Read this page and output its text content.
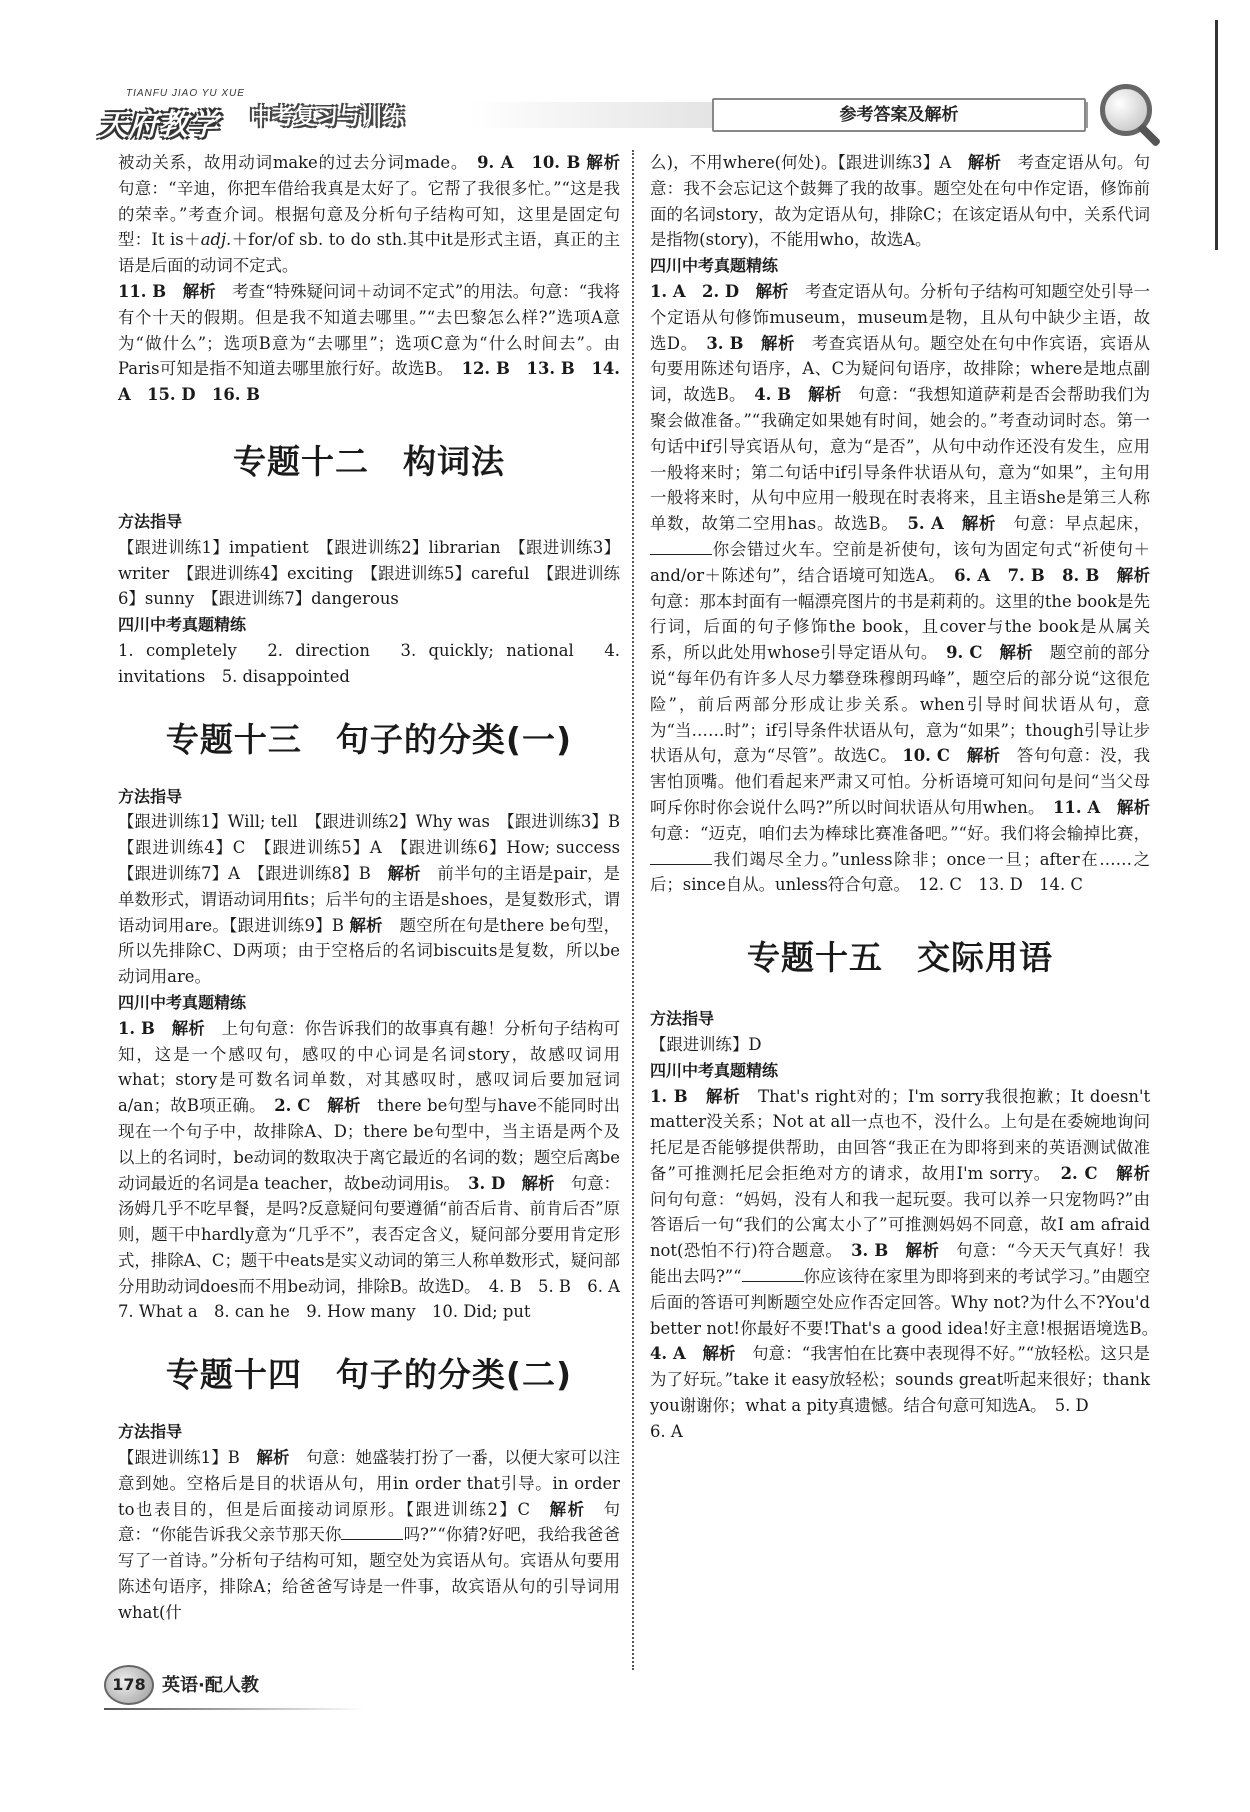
TIANFU JIAO YU XUE
天府教学 中考复习与训练	参考答案及解析

被动关系，故用动词make的过去分词made。　 9. A　 10. B 解析　句意：“辛迪，你把车借给我真是太好了。它帮了我很多忙。”“这是我的荣幸。”考查介词。根据句意及分析句子结构可知，这里是固定句型：It is＋adj.＋for/of sb. to do sth.其中it是形式主语，真正的主语是后面的动词不定式。

11. B　 解析　 考查“特殊疑问词＋动词不定式”的用法。句意：“我将有个十天的假期。但是我不知道去哪里。”“去巴黎怎么样?”选项A意为“做什么”；选项B意为“去哪里”；选项C意为“什么时间去”。由Paris可知是指不知道去哪里旅行好。故选B。　 12. B　13. B　14. A　15. D　16. B

专题十二　构词法
方法指导

【跟进训练1】impatient　【跟进训练2】librarian　【跟进训练3】writer　【跟进训练4】exciting　【跟进训练5】careful　【跟进训练6】sunny　【跟进训练7】dangerous

四川中考真题精练

1. completely　2. direction　3. quickly; national　4. invitations　5. disappointed

专题十三　句子的分类(一)
方法指导

【跟进训练1】Will; tell　【跟进训练2】Why was　【跟进训练3】B　【跟进训练4】C　【跟进训练5】A　【跟进训练6】How; success　【跟进训练7】A　【跟进训练8】B　 解析　 前半句的主语是pair，是单数形式，谓语动词用fits；后半句的主语是shoes，是复数形式，谓语动词用are。【跟进训练9】B 解析　 题空所在句是there be句型，所以先排除C、D两项；由于空格后的名词biscuits是复数，所以be动词用are。

四川中考真题精练

1. B　 解析　 上句句意：你告诉我们的故事真有趣！分析句子结构可知，这是一个感叹句，感叹的中心词是名词story，故感叹词用what；story是可数名词单数，对其感叹时，感叹词后要加冠词a/an；故B项正确。　 2. C　 解析　 there be句型与have不能同时出现在一个句子中，故排除A、D；there be句型中，当主语是两个及以上的名词时，be动词的数取决于离它最近的名词的数；题空后离be动词最近的名词是a teacher，故be动词用is。　 3. D　 解析　 句意：汤姆几乎不吃早餐，是吗?反意疑问句要遵循“前否后肯、前肯后否”原则，题干中hardly意为“几乎不”，表否定含义，疑问部分要用肯定形式，排除A、C；题干中eats是实义动词的第三人称单数形式，疑问部分用助动词does而不用be动词，排除B。故选D。　 4. B　5. B　6. A　7. What a　8. can he　9. How many　10. Did; put

专题十四　句子的分类(二)
方法指导

【跟进训练1】B　 解析　 句意：她盛装打扮了一番，以便大家可以注意到她。空格后是目的状语从句，用in order that引导。in order to也表目的，但是后面接动词原形。【跟进训练2】C　 解析　 句意：“你能告诉我父亲节那天你	吗?”“你猜?好吧，我给我爸爸写了一首诗。”分析句子结构可知，题空处为宾语从句。宾语从句要用陈述句语序，排除A；给爸爸写诗是一件事，故宾语从句的引导词用what(什

么)，不用where(何处)。【跟进训练3】A　 解析　 考查定语从句。句意：我不会忘记这个鼓舞了我的故事。题空处在句中作定语，修饰前面的名词story，故为定语从句，排除C；在该定语从句中，关系代词是指物(story)，不能用who，故选A。

四川中考真题精练

1. A　2. D　 解析　 考查定语从句。分析句子结构可知题空处引导一个定语从句修饰museum，museum是物，且从句中缺少主语，故选D。　 3. B　 解析　 考查宾语从句。题空处在句中作宾语，宾语从句要用陈述句语序，A、C为疑问句语序，故排除；where是地点副词，故选B。　 4. B　 解析　 句意：“我想知道萨莉是否会帮助我们为聚会做准备。”“我确定如果她有时间，她会的。”考查动词时态。第一句话中if引导宾语从句，意为“是否”，从句中动作还没有发生，应用一般将来时；第二句话中if引导条件状语从句，意为“如果”，主句用一般将来时，从句中应用一般现在时表将来，且主语she是第三人称单数，故第二空用has。故选B。　 5. A　 解析　 句意：早点起床，你会错过火车。空前是祈使句，该句为固定句式“祈使句＋and/or＋陈述句”，结合语境可知选A。　 6. A　7. B　8. B　 解析　句意：那本封面有一幅漂亮图片的书是莉莉的。这里的the book是先行词，后面的句子修饰the book，且cover与the book是从属关系，所以此处用whose引导定语从句。　 9. C　 解析　 题空前的部分说“每年仍有许多人尽力攀登珠穆朗玛峰”，题空后的部分说“这很危险”，前后两部分形成让步关系。when引导时间状语从句，意为“当……时”；if引导条件状语从句，意为“如果”；though引导让步状语从句，意为“尽管”。故选C。 10. C　 解析　 答句句意：没，我害怕顶嘴。他们看起来严肃又可怕。分析语境可知问句是问“当父母呵斥你时你会说什么吗?”所以时间状语从句用when。　 11. A　 解析　句意：“迈克，咱们去为棒球比赛准备吧。”“好。我们将会输掉比赛，我们竭尽全力。”unless除非；once一旦；after在……之后；since自从。unless符合句意。　 12. C　13. D　14. C

专题十五　交际用语
方法指导

【跟进训练】D

四川中考真题精练

1. B　 解析　 That's right对的；I'm sorry我很抱歉；It doesn't matter没关系；Not at all一点也不，没什么。上句是在委婉地询问托尼是否能够提供帮助，由回答“我正在为即将到来的英语测试做准备”可推测托尼会拒绝对方的请求，故用I'm sorry。　 2. C　 解析　问句句意：“妈妈，没有人和我一起玩耍。我可以养一只宠物吗?”由答语后一句“我们的公寓太小了”可推测妈妈不同意，故I am afraid not(恐怕不行)符合题意。　 3. B　 解析　 句意：“今天天气真好！我能出去吗?”“	你应该待在家里为即将到来的考试学习。”由题空后面的答语可判断题空处应作否定回答。Why not?为什么不?You'd better not!你最好不要!That's a good idea!好主意!根据语境选B。　4. A　 解析　 句意：“我害怕在比赛中表现得不好。”“放轻松。这只是为了好玩。”take it easy放轻松；sounds great听起来很好；thank you谢谢你；what a pity真遗憾。结合句意可知选A。　 5. D

6. A

178 英语·配人教
